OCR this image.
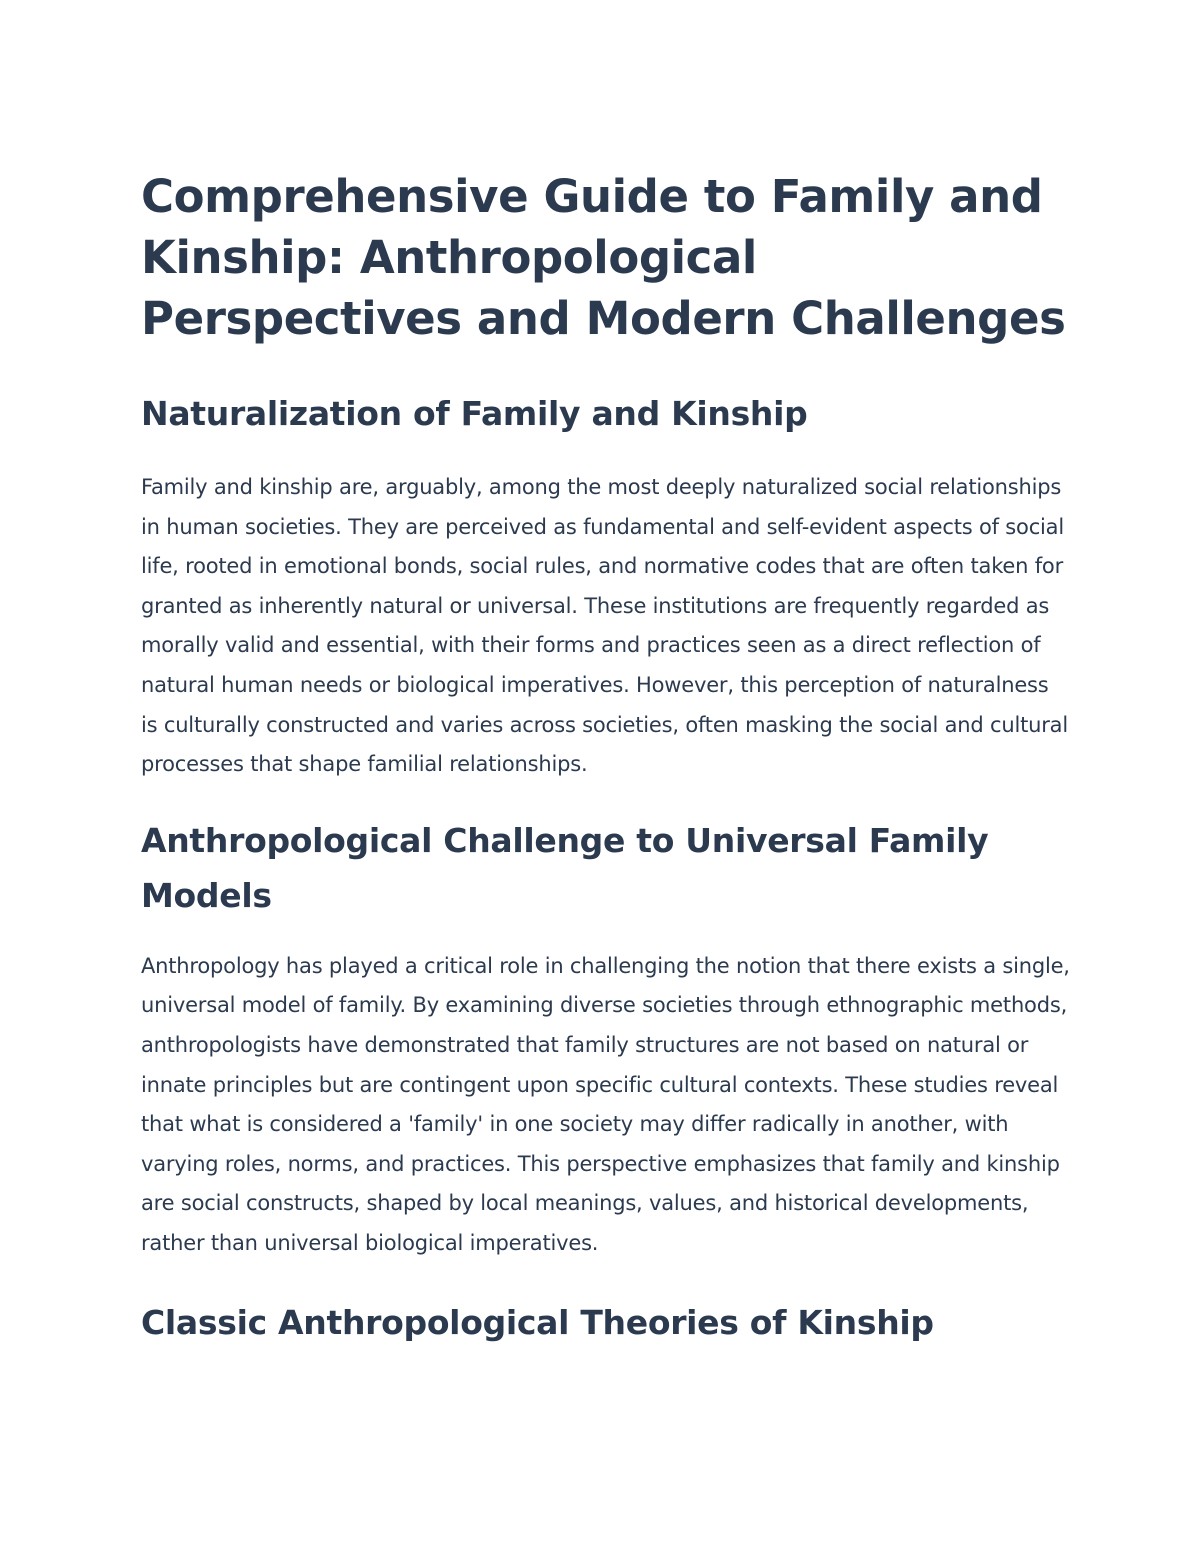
Comprehensive Guide to Family and Kinship: Anthropological Perspectives and Modern Challenges
Naturalization of Family and Kinship

Family and kinship are, arguably, among the most deeply naturalized social relationships in human societies. They are perceived as fundamental and self-evident aspects of social life, rooted in emotional bonds, social rules, and normative codes that are often taken for granted as inherently natural or universal. These institutions are frequently regarded as morally valid and essential, with their forms and practices seen as a direct reflection of natural human needs or biological imperatives. However, this perception of naturalness is culturally constructed and varies across societies, often masking the social and cultural processes that shape familial relationships.

Anthropological Challenge to Universal Family Models

Anthropology has played a critical role in challenging the notion that there exists a single, universal model of family. By examining diverse societies through ethnographic methods, anthropologists have demonstrated that family structures are not based on natural or innate principles but are contingent upon specific cultural contexts. These studies reveal that what is considered a 'family' in one society may differ radically in another, with varying roles, norms, and practices. This perspective emphasizes that family and kinship are social constructs, shaped by local meanings, values, and historical developments, rather than universal biological imperatives.

Classic Anthropological Theories of Kinship
